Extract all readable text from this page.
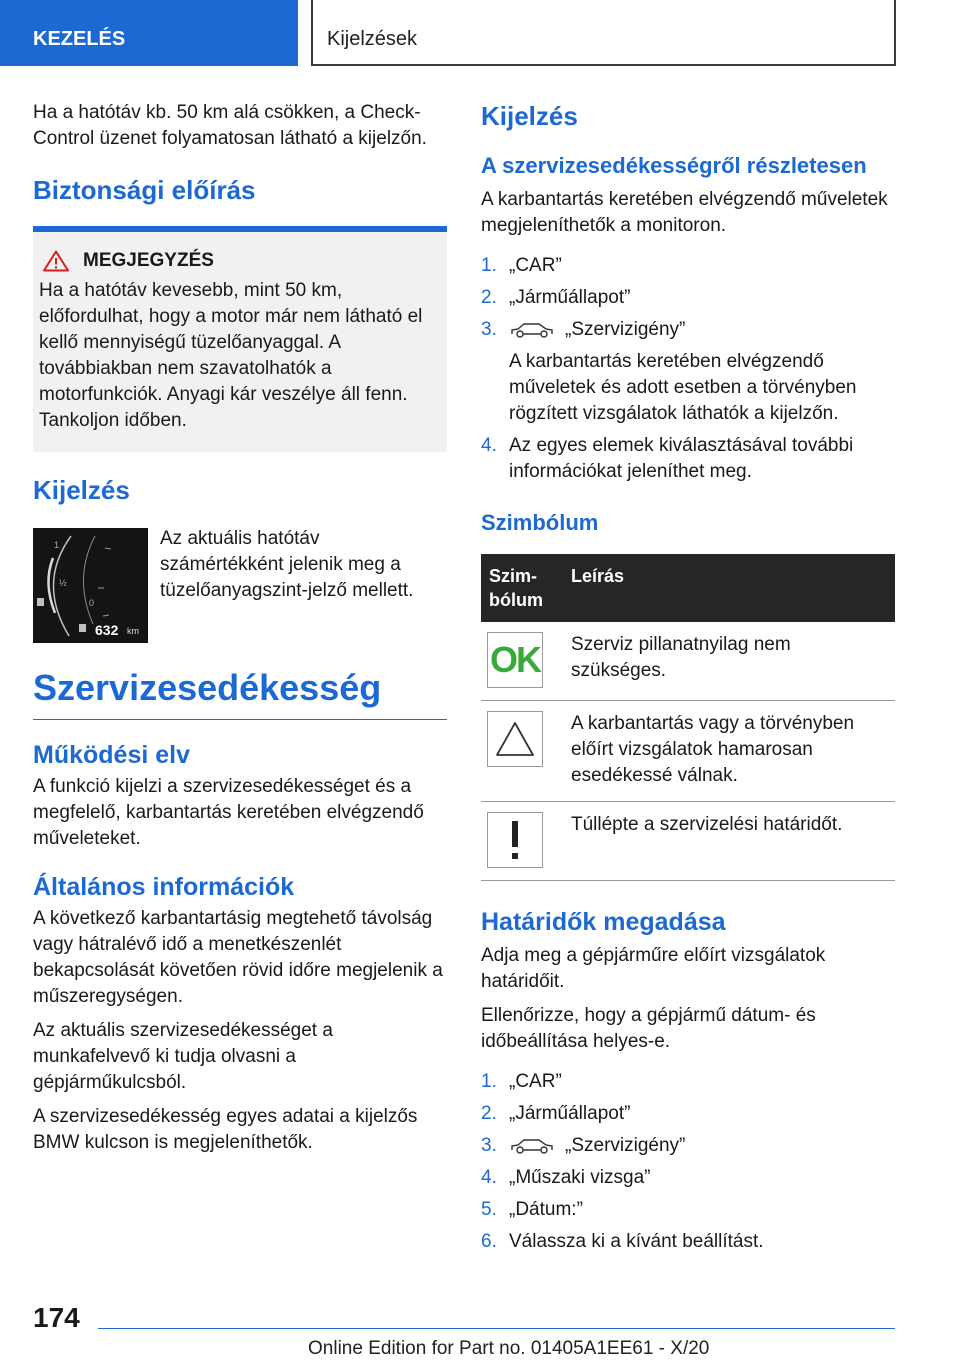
KEZELÉS	Kijelzések

Ha a hatótáv kb. 50 km alá csökken, a Check-Control üzenet folyamatosan látható a kijelzőn.

Biztonsági előírás
MEGJEGYZÉS

Ha a hatótáv kevesebb, mint 50 km, előfordulhat, hogy a motor már nem látható el kellő mennyiségű tüzelőanyaggal. A továbbiakban nem szavatolhatók a motorfunkciók. Anyagi kár veszélye áll fenn. Tankoljon időben.

Kijelzés
1
½
0
632 km
Az aktuális hatótáv számértékként jelenik meg a tüzelőanyagszint-jelző mellett.
Szervizesedékesség
Működési elv

A funkció kijelzi a szervizesedékességet és a megfelelő, karbantartás keretében elvégzendő műveleteket.

Általános információk

A következő karbantartásig megtehető távolság vagy hátralévő idő a menetkészenlét bekapcsolását követően rövid időre megjelenik a műszeregységen.

Az aktuális szervizesedékességet a munkafelvevő ki tudja olvasni a gépjárműkulcsból.

A szervizesedékesség egyes adatai a kijelzős BMW kulcson is megjeleníthetők.

Kijelzés
A szervizesedékességről részletesen

A karbantartás keretében elvégzendő műveletek megjeleníthetők a monitoron.

1. „CAR”
2. „Járműállapot”
3.	„Szervizigény”
A karbantartás keretében elvégzendő műveletek és adott esetben a törvényben rögzített vizsgálatok láthatók a kijelzőn.
4. Az egyes elemek kiválasztásával további információkat jeleníthet meg.
Szimbólum
Szim-
bólum	Leírás

OK	Szerviz pillanatnyilag nem szükséges.

	A karbantartás vagy a törvényben előírt vizsgálatok hamarosan esedékessé válnak.

	Túllépte a szervizelési határidőt.
Határidők megadása

Adja meg a gépjárműre előírt vizsgálatok határidőit.

Ellenőrizze, hogy a gépjármű dátum- és időbeállítása helyes-e.

1. „CAR”
2. „Járműállapot”
3.	„Szervizigény”
4. „Műszaki vizsga”
5. „Dátum:”
6. Válassza ki a kívánt beállítást.
174
Online Edition for Part no. 01405A1EE61 - X/20
